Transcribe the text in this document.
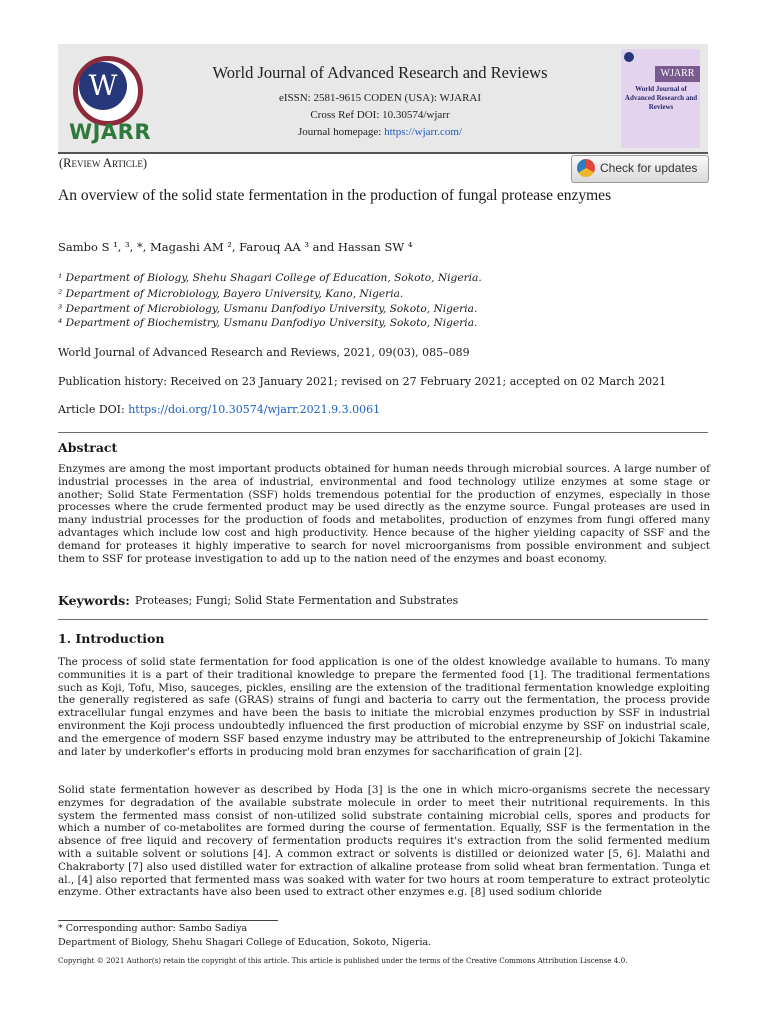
W
WJARR
World Journal of Advanced Research and Reviews
eISSN: 2581-9615 CODEN (USA): WJARAI
Cross Ref DOI: 10.30574/wjarr
Journal homepage: https://wjarr.com/
WJARR
World Journal of Advanced Research and Reviews
(Review Article)	Check for updates
An overview of the solid state fermentation in the production of fungal protease enzymes
Sambo S ¹, ³, *, Magashi AM ², Farouq AA ³ and Hassan SW ⁴
¹ Department of Biology, Shehu Shagari College of Education, Sokoto, Nigeria.
² Department of Microbiology, Bayero University, Kano, Nigeria.
³ Department of Microbiology, Usmanu Danfodiyo University, Sokoto, Nigeria.
⁴ Department of Biochemistry, Usmanu Danfodiyo University, Sokoto, Nigeria.
World Journal of Advanced Research and Reviews, 2021, 09(03), 085–089
Publication history: Received on 23 January 2021; revised on 27 February 2021; accepted on 02 March 2021
Article DOI: https://doi.org/10.30574/wjarr.2021.9.3.0061
Abstract
Enzymes are among the most important products obtained for human needs through microbial sources. A large number of industrial processes in the area of industrial, environmental and food technology utilize enzymes at some stage or another; Solid State Fermentation (SSF) holds tremendous potential for the production of enzymes, especially in those processes where the crude fermented product may be used directly as the enzyme source. Fungal proteases are used in many industrial processes for the production of foods and metabolites, production of enzymes from fungi offered many advantages which include low cost and high productivity. Hence because of the higher yielding capacity of SSF and the demand for proteases it highly imperative to search for novel microorganisms from possible environment and subject them to SSF for protease investigation to add up to the nation need of the enzymes and boast economy.
Keywords: Proteases; Fungi; Solid State Fermentation and Substrates
1. Introduction
The process of solid state fermentation for food application is one of the oldest knowledge available to humans. To many communities it is a part of their traditional knowledge to prepare the fermented food [1]. The traditional fermentations such as Koji, Tofu, Miso, sauceges, pickles, ensiling are the extension of the traditional fermentation knowledge exploiting the generally registered as safe (GRAS) strains of fungi and bacteria to carry out the fermentation, the process provide extracellular fungal enzymes and have been the basis to initiate the microbial enzymes production by SSF in industrial environment the Koji process undoubtedly influenced the first production of microbial enzyme by SSF on industrial scale, and the emergence of modern SSF based enzyme industry may be attributed to the entrepreneurship of Jokichi Takamine and later by underkofler's efforts in producing mold bran enzymes for saccharification of grain [2].
Solid state fermentation however as described by Hoda [3] is the one in which micro-organisms secrete the necessary enzymes for degradation of the available substrate molecule in order to meet their nutritional requirements. In this system the fermented mass consist of non-utilized solid substrate containing microbial cells, spores and products for which a number of co-metabolites are formed during the course of fermentation. Equally, SSF is the fermentation in the absence of free liquid and recovery of fermentation products requires it's extraction from the solid fermented medium with a suitable solvent or solutions [4]. A common extract or solvents is distilled or deionized water [5, 6]. Malathi and Chakraborty [7] also used distilled water for extraction of alkaline protease from solid wheat bran fermentation. Tunga et al., [4] also reported that fermented mass was soaked with water for two hours at room temperature to extract proteolytic enzyme. Other extractants have also been used to extract other enzymes e.g. [8] used sodium chloride
* Corresponding author: Sambo Sadiya
Department of Biology, Shehu Shagari College of Education, Sokoto, Nigeria.
Copyright © 2021 Author(s) retain the copyright of this article. This article is published under the terms of the Creative Commons Attribution Liscense 4.0.
